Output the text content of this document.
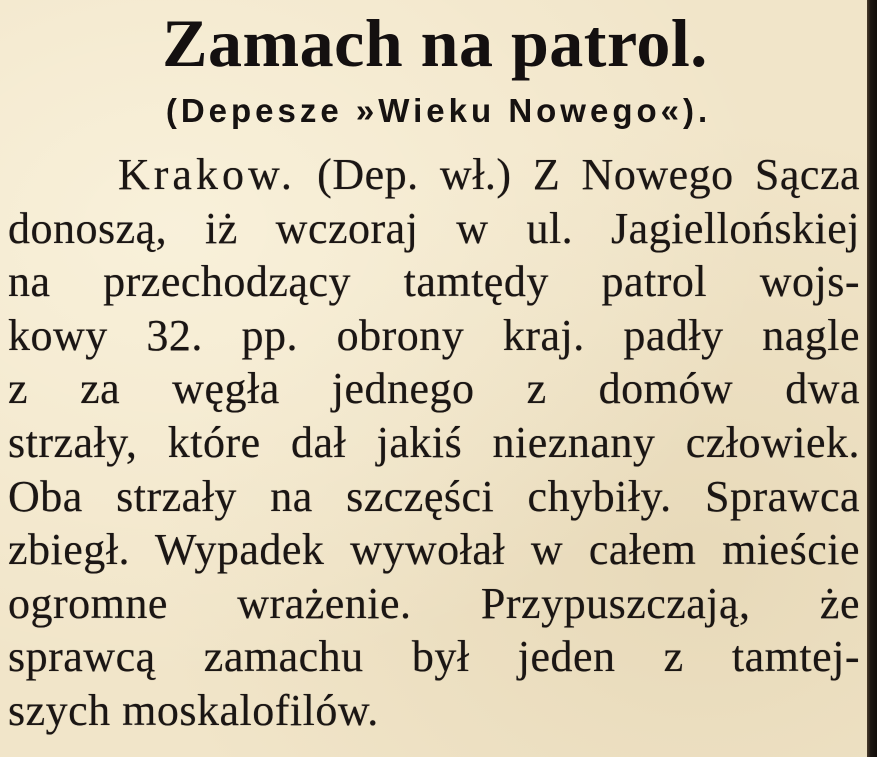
Zamach na patrol.
(Depesze »Wieku Nowego«).
Krakow. (Dep. wł.) Z Nowego Sącza
donoszą, iż wczoraj w ul. Jagiellońskiej
na przechodzący tamtędy patrol wojs-
kowy 32. pp. obrony kraj. padły nagle
z za węgła jednego z domów dwa
strzały, które dał jakiś nieznany człowiek.
Oba strzały na szczęści chybiły. Sprawca
zbiegł. Wypadek wywołał w całem mieście
ogromne wrażenie. Przypuszczają, że
sprawcą zamachu był jeden z tamtej-
szych moskalofilów.
